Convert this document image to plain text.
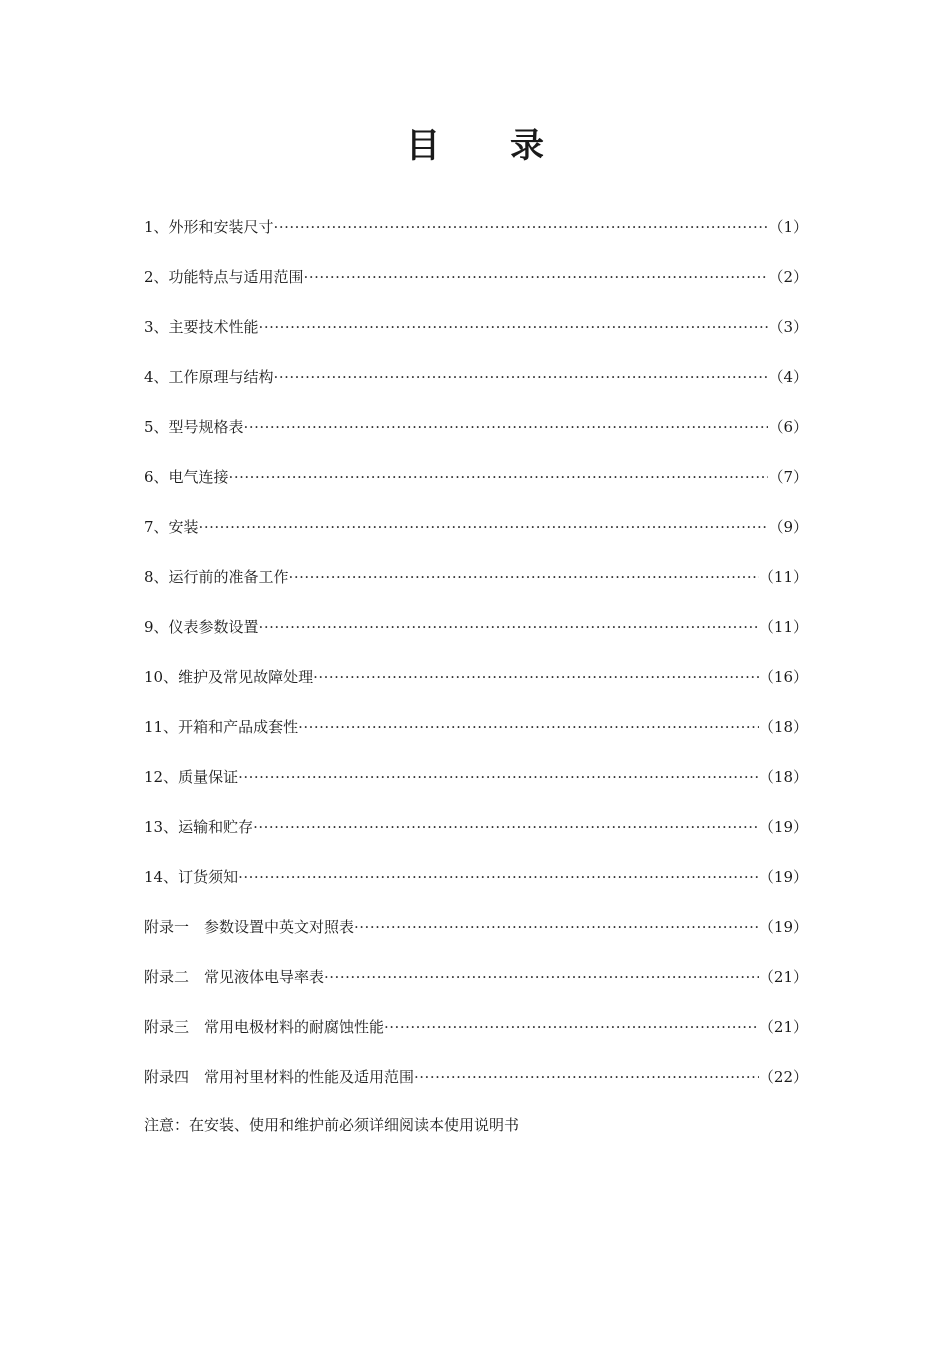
目 录
1、外形和安装尺寸 ·····	（1）
2、功能特点与适用范围 ·····	（2）
3、主要技术性能 ·····	（3）
4、工作原理与结构 ·····	（4）
5、型号规格表 ·····	（6）
6、电气连接 ·····	（7）
7、安装 ·····	（9）
8、运行前的准备工作 ·····	（11）
9、仪表参数设置 ·····	（11）
10、维护及常见故障处理 ·····	（16）
11、开箱和产品成套性 ·····	（18）
12、质量保证 ·····	（18）
13、运输和贮存 ·····	（19）
14、订货须知 ·····	（19）
附录一　参数设置中英文对照表 ·····	（19）
附录二　常见液体电导率表 ·····	（21）
附录三　常用电极材料的耐腐蚀性能 ·····	（21）
附录四　常用衬里材料的性能及适用范围 ·····	（22）
注意：在安装、使用和维护前必须详细阅读本使用说明书
